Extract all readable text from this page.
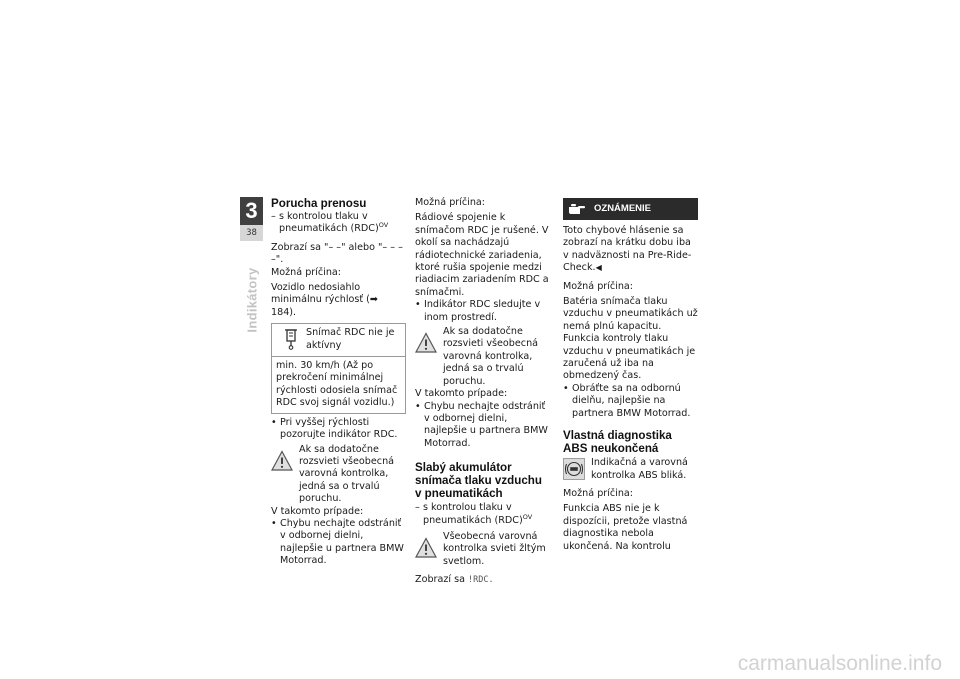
3
38
Indikátory
Porucha prenosu
– s kontrolou tlaku v pneumatikách (RDC)$^{OV}$

Zobrazí sa "– –" alebo "– – – –".

Možná príčina:

Vozidlo nedosiahlo minimálnu rýchlosť (➡ 184).

Snímač RDC nie je aktívny
min. 30 km/h (Až po prekročení minimálnej rýchlosti odosiela snímač RDC svoj signál vozidlu.)
• Pri vyššej rýchlosti pozorujte indikátor RDC.
Ak sa dodatočne rozsvieti všeobecná varovná kontrolka, jedná sa o trvalú poruchu.

V takomto prípade:

• Chybu nechajte odstrániť v odbornej dielni, najlepšie u partnera BMW Motorrad.

Možná príčina:

Rádiové spojenie k snímačom RDC je rušené. V okolí sa nachádzajú rádiotechnické zariadenia, ktoré rušia spojenie medzi riadiacim zariadením RDC a snímačmi.

• Indikátor RDC sledujte v inom prostredí.
Ak sa dodatočne rozsvieti všeobecná varovná kontrolka, jedná sa o trvalú poruchu.

V takomto prípade:

• Chybu nechajte odstrániť v odbornej dielni, najlepšie u partnera BMW Motorrad.
Slabý akumulátor snímača tlaku vzduchu v pneumatikách
– s kontrolou tlaku v pneumatikách (RDC)$^{OV}$
Všeobecná varovná kontrolka svieti žltým svetlom.

Zobrazí sa !RDC.

OZNÁMENIE

Toto chybové hlásenie sa zobrazí na krátku dobu iba v nadväznosti na Pre-Ride-Check.◀

Možná príčina:

Batéria snímača tlaku vzduchu v pneumatikách už nemá plnú kapacitu. Funkcia kontroly tlaku vzduchu v pneumatikách je zaručená už iba na obmedzený čas.

• Obráťte sa na odbornú dielňu, najlepšie na partnera BMW Motorrad.
Vlastná diagnostika ABS neukončená
Indikačná a varovná kontrolka ABS bliká.

Možná príčina:

Funkcia ABS nie je k dispozícii, pretože vlastná diagnostika nebola ukončená. Na kontrolu

carmanualsonline.info
